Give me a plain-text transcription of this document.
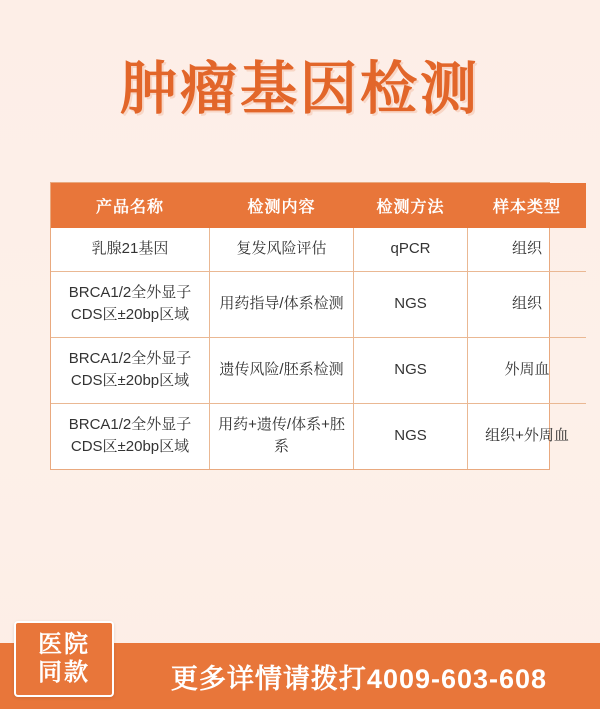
肿瘤基因检测
产品名称	检测内容	检测方法	样本类型
乳腺21基因	复发风险评估	qPCR	组织
BRCA1/2全外显子CDS区±20bp区域	用药指导/体系检测	NGS	组织
BRCA1/2全外显子CDS区±20bp区域	遗传风险/胚系检测	NGS	外周血
BRCA1/2全外显子CDS区±20bp区域	用药+遗传/体系+胚系	NGS	组织+外周血
更多详情请拨打4009-603-608
医院
同款
